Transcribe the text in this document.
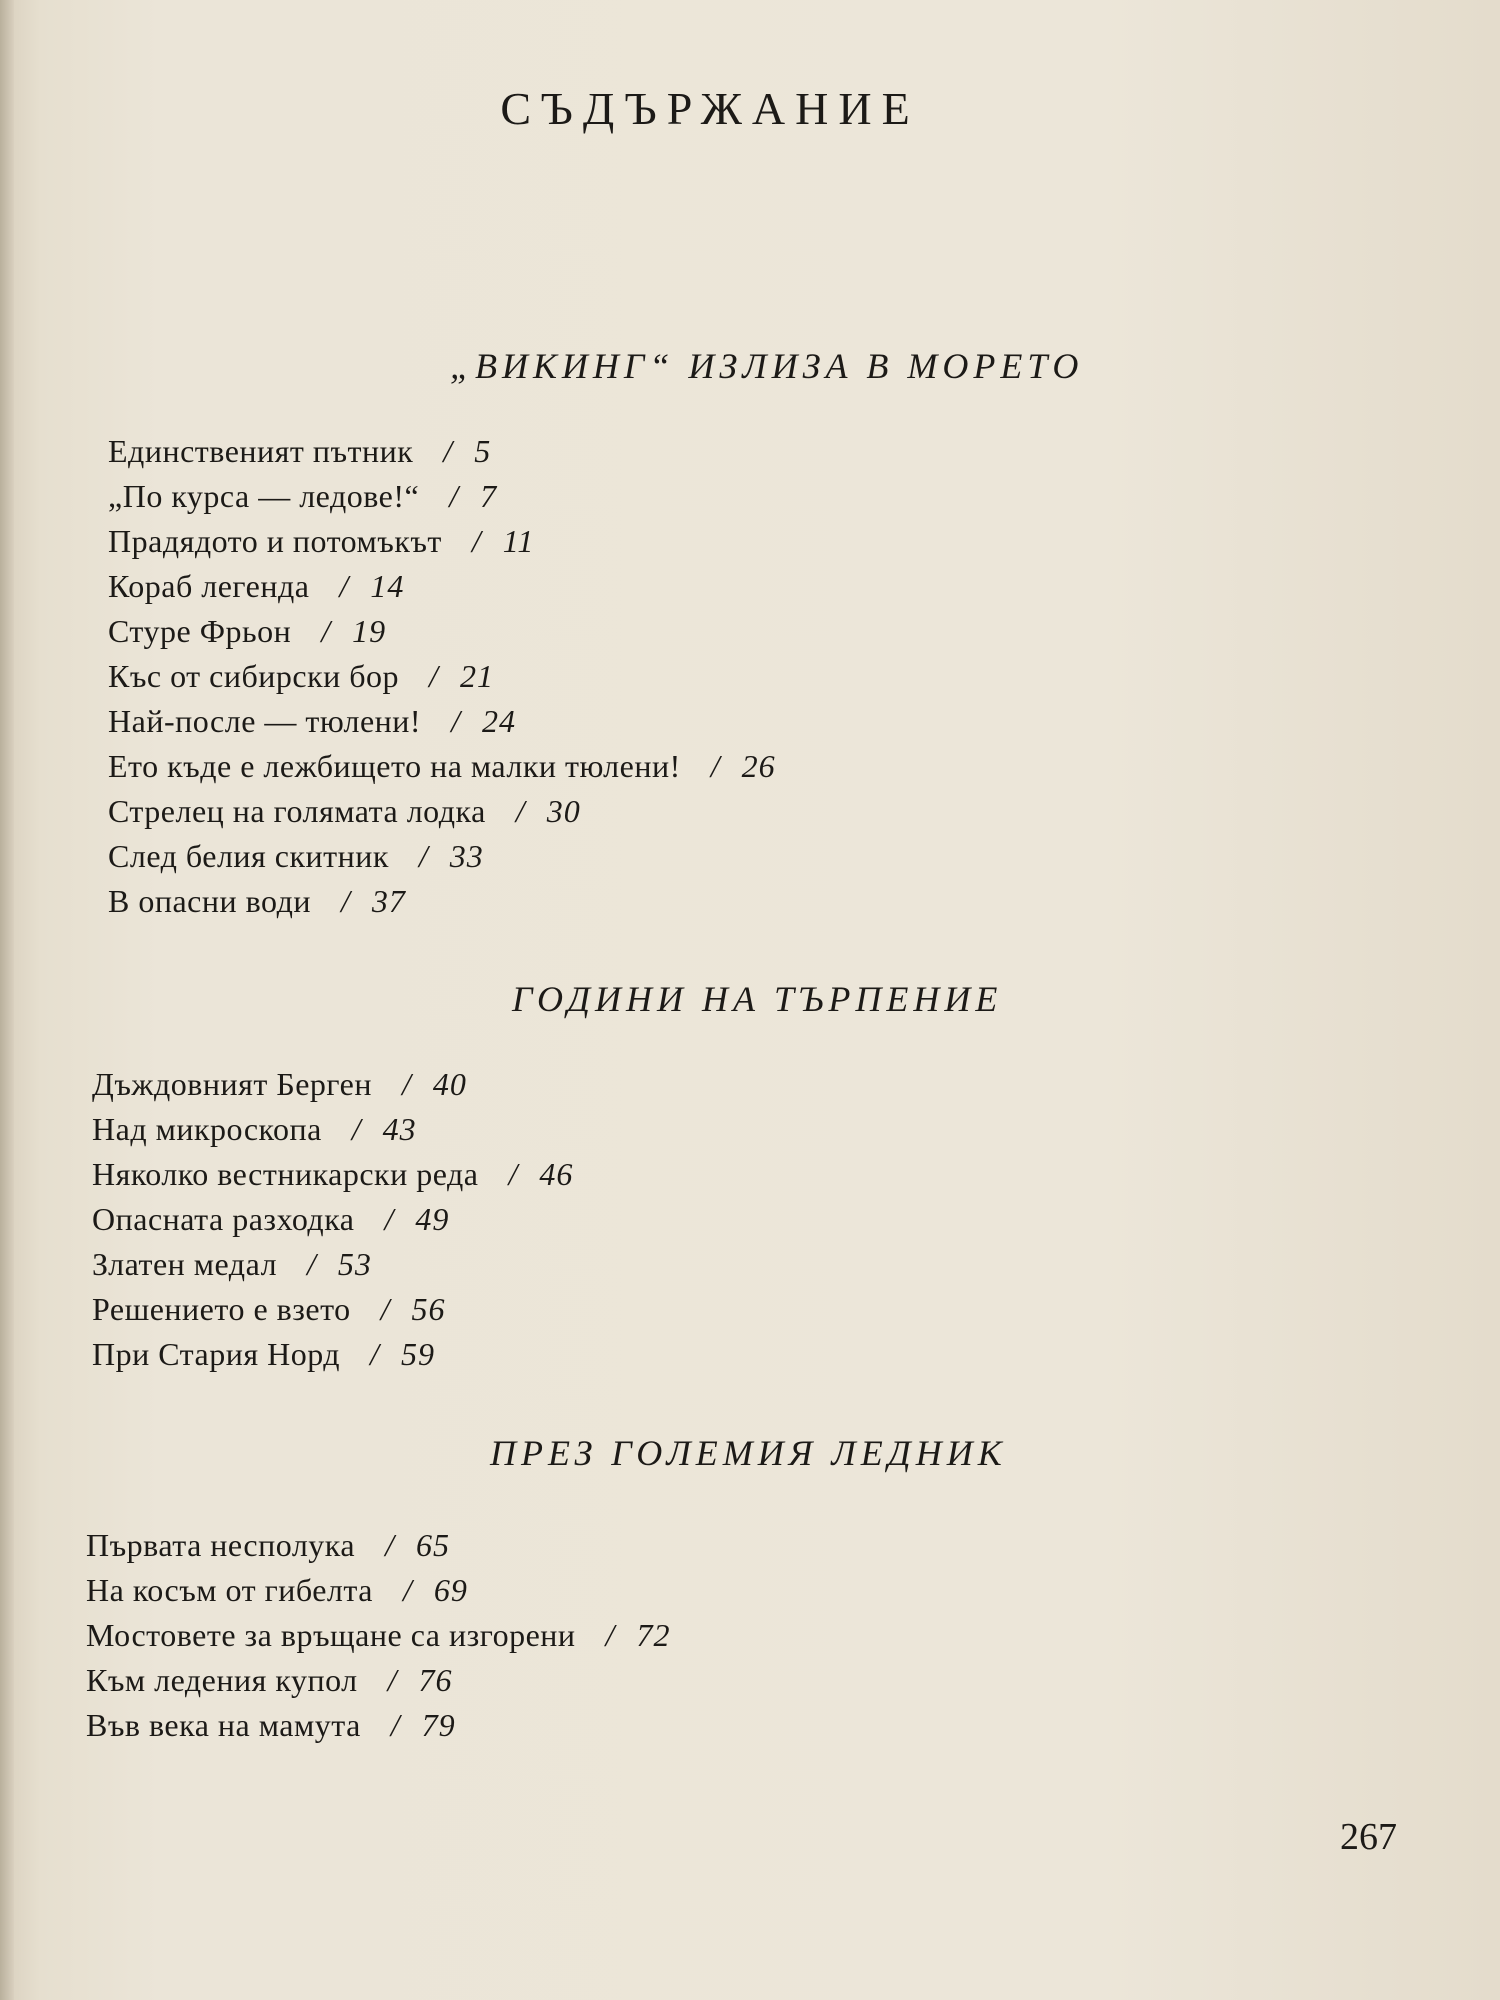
СЪДЪРЖАНИЕ
„ВИКИНГ“ ИЗЛИЗА В МОРЕТО
Единственият пътник / 5
„По курса — ледове!“ / 7
Прадядото и потомъкът / 11
Кораб легенда / 14
Стуре Фрьон / 19
Къс от сибирски бор / 21
Най-после — тюлени! / 24
Ето къде е лежбището на малки тюлени! / 26
Стрелец на голямата лодка / 30
След белия скитник / 33
В опасни води / 37
ГОДИНИ НА ТЪРПЕНИЕ
Дъждовният Берген / 40
Над микроскопа / 43
Няколко вестникарски реда / 46
Опасната разходка / 49
Златен медал / 53
Решението е взето / 56
При Стария Норд / 59
ПРЕЗ ГОЛЕМИЯ ЛЕДНИК
Първата несполука / 65
На косъм от гибелта / 69
Мостовете за връщане са изгорени / 72
Към ледения купол / 76
Във века на мамута / 79
267
